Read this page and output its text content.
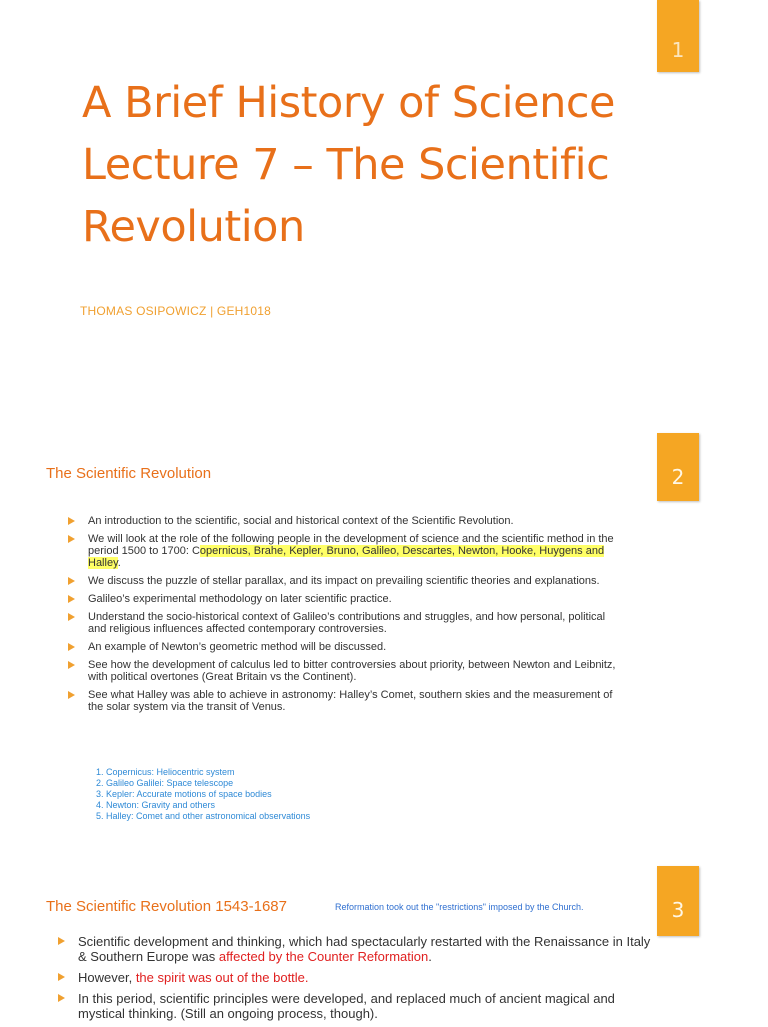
1
A Brief History of Science
Lecture 7 – The Scientific
Revolution
THOMAS OSIPOWICZ | GEH1018
2
The Scientific Revolution
An introduction to the scientific, social and historical context of the Scientific Revolution.
We will look at the role of the following people in the development of science and the scientific method in the period 1500 to 1700: Copernicus, Brahe, Kepler, Bruno, Galileo, Descartes, Newton, Hooke, Huygens and Halley.
We discuss the puzzle of stellar parallax, and its impact on prevailing scientific theories and explanations.
Galileo’s experimental methodology on later scientific practice.
Understand the socio-historical context of Galileo’s contributions and struggles, and how personal, political and religious influences affected contemporary controversies.
An example of Newton’s geometric method will be discussed.
See how the development of calculus led to bitter controversies about priority, between Newton and Leibnitz, with political overtones (Great Britain vs the Continent).
See what Halley was able to achieve in astronomy: Halley’s Comet, southern skies and the measurement of the solar system via the transit of Venus.
1. Copernicus: Heliocentric system
2. Galileo Galilei: Space telescope
3. Kepler: Accurate motions of space bodies
4. Newton: Gravity and others
5. Halley: Comet and other astronomical observations
3
The Scientific Revolution 1543-1687	Reformation took out the "restrictions" imposed by the Church.
Scientific development and thinking, which had spectacularly restarted with the Renaissance in Italy & Southern Europe was affected by the Counter Reformation.
However, the spirit was out of the bottle.
In this period, scientific principles were developed, and replaced much of ancient magical and mystical thinking. (Still an ongoing process, though).
